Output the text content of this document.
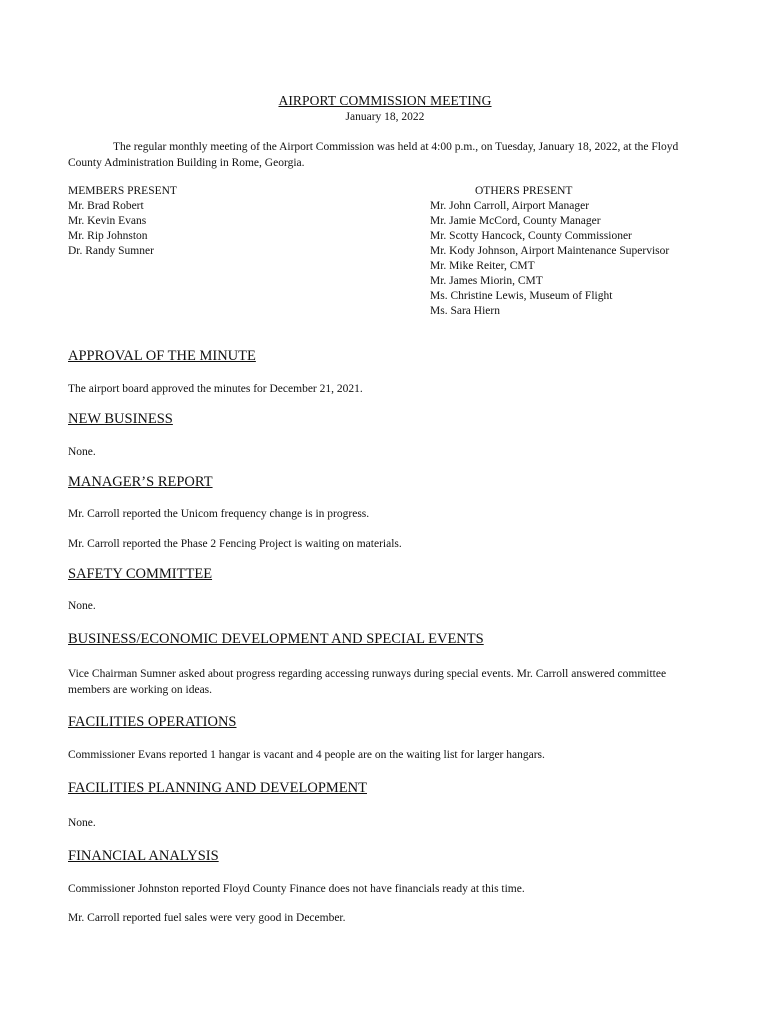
AIRPORT COMMISSION MEETING
January 18, 2022
The regular monthly meeting of the Airport Commission was held at 4:00 p.m., on Tuesday, January 18, 2022, at the Floyd County Administration Building in Rome, Georgia.
MEMBERS PRESENT
Mr. Brad Robert
Mr. Kevin Evans
Mr. Rip Johnston
Dr. Randy Sumner
OTHERS PRESENT
Mr. John Carroll, Airport Manager
Mr. Jamie McCord, County Manager
Mr. Scotty Hancock, County Commissioner
Mr. Kody Johnson, Airport Maintenance Supervisor
Mr. Mike Reiter, CMT
Mr. James Miorin, CMT
Ms. Christine Lewis, Museum of Flight
Ms. Sara Hiern
APPROVAL OF THE MINUTE
The airport board approved the minutes for December 21, 2021.
NEW BUSINESS
None.
MANAGER’S REPORT
Mr. Carroll reported the Unicom frequency change is in progress.
Mr. Carroll reported the Phase 2 Fencing Project is waiting on materials.
SAFETY COMMITTEE
None.
BUSINESS/ECONOMIC DEVELOPMENT AND SPECIAL EVENTS
Vice Chairman Sumner asked about progress regarding accessing runways during special events. Mr. Carroll answered committee members are working on ideas.
FACILITIES OPERATIONS
Commissioner Evans reported 1 hangar is vacant and 4 people are on the waiting list for larger hangars.
FACILITIES PLANNING AND DEVELOPMENT
None.
FINANCIAL ANALYSIS
Commissioner Johnston reported Floyd County Finance does not have financials ready at this time.
Mr. Carroll reported fuel sales were very good in December.
